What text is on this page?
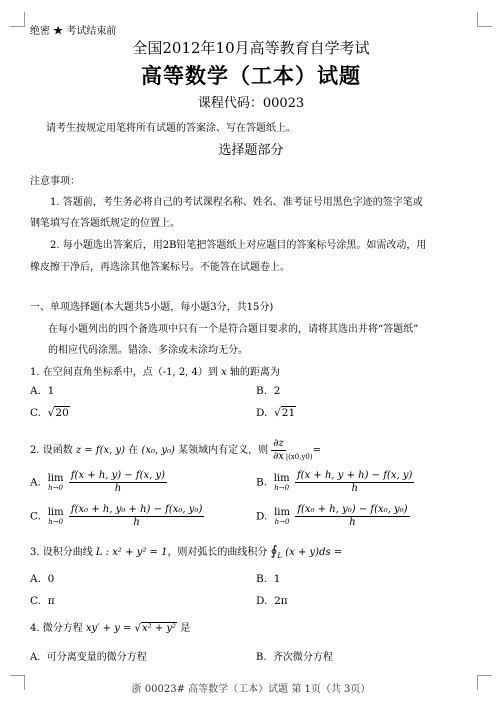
绝密 ★ 考试结束前
全国2012年10月高等教育自学考试
高等数学（工本）试题
课程代码：00023
请考生按规定用笔将所有试题的答案涂、写在答题纸上。
选择题部分
注意事项：
1. 答题前，考生务必将自己的考试课程名称、姓名、准考证号用黑色字迹的签字笔或
钢笔填写在答题纸规定的位置上。
2. 每小题选出答案后，用2B铅笔把答题纸上对应题目的答案标号涂黑。如需改动，用
橡皮擦干净后，再选涂其他答案标号。不能答在试题卷上。
一、单项选择题(本大题共5小题，每小题3分，共15分)
在每小题列出的四个备选项中只有一个是符合题目要求的，请将其选出并将“答题纸”
的相应代码涂黑。错涂、多涂或未涂均无分。
1. 在空间直角坐标系中，点（-1, 2, 4）到 x 轴的距离为
A. 1	B. 2
C. √20	D. √21
2. 设函数 z = f(x, y) 在 (x₀, y₀) 某领域内有定义，则 $\frac{\partial z}{\partial x} _{|(x0,y0)}=$
A. lim
h→0
$\frac{f(x + h, y) - f(x, y)}{h}$	B. lim
h→0
$\frac{f(x + h, y + h) - f(x, y)}{h}$
C. lim
h→0
$\frac{\text{f(x₀ + h, y₀ + h) − f(x₀, y₀)}}{h}$	D. lim
h→0
$\frac{\text{f(x₀ + h, y₀) − f(x₀, y₀)}}{h}$
3. 设积分曲线 L : x² + y² = 1，则对弧长的曲线积分 $∮_L$ (x + y)ds =
A. 0	B. 1
C. π	D. 2π
4. 微分方程 xy′ + y = √x² + y² 是
A. 可分离变量的微分方程	B. 齐次微分方程
浙 00023# 高等数学（工本）试题 第 1页（共 3页）
